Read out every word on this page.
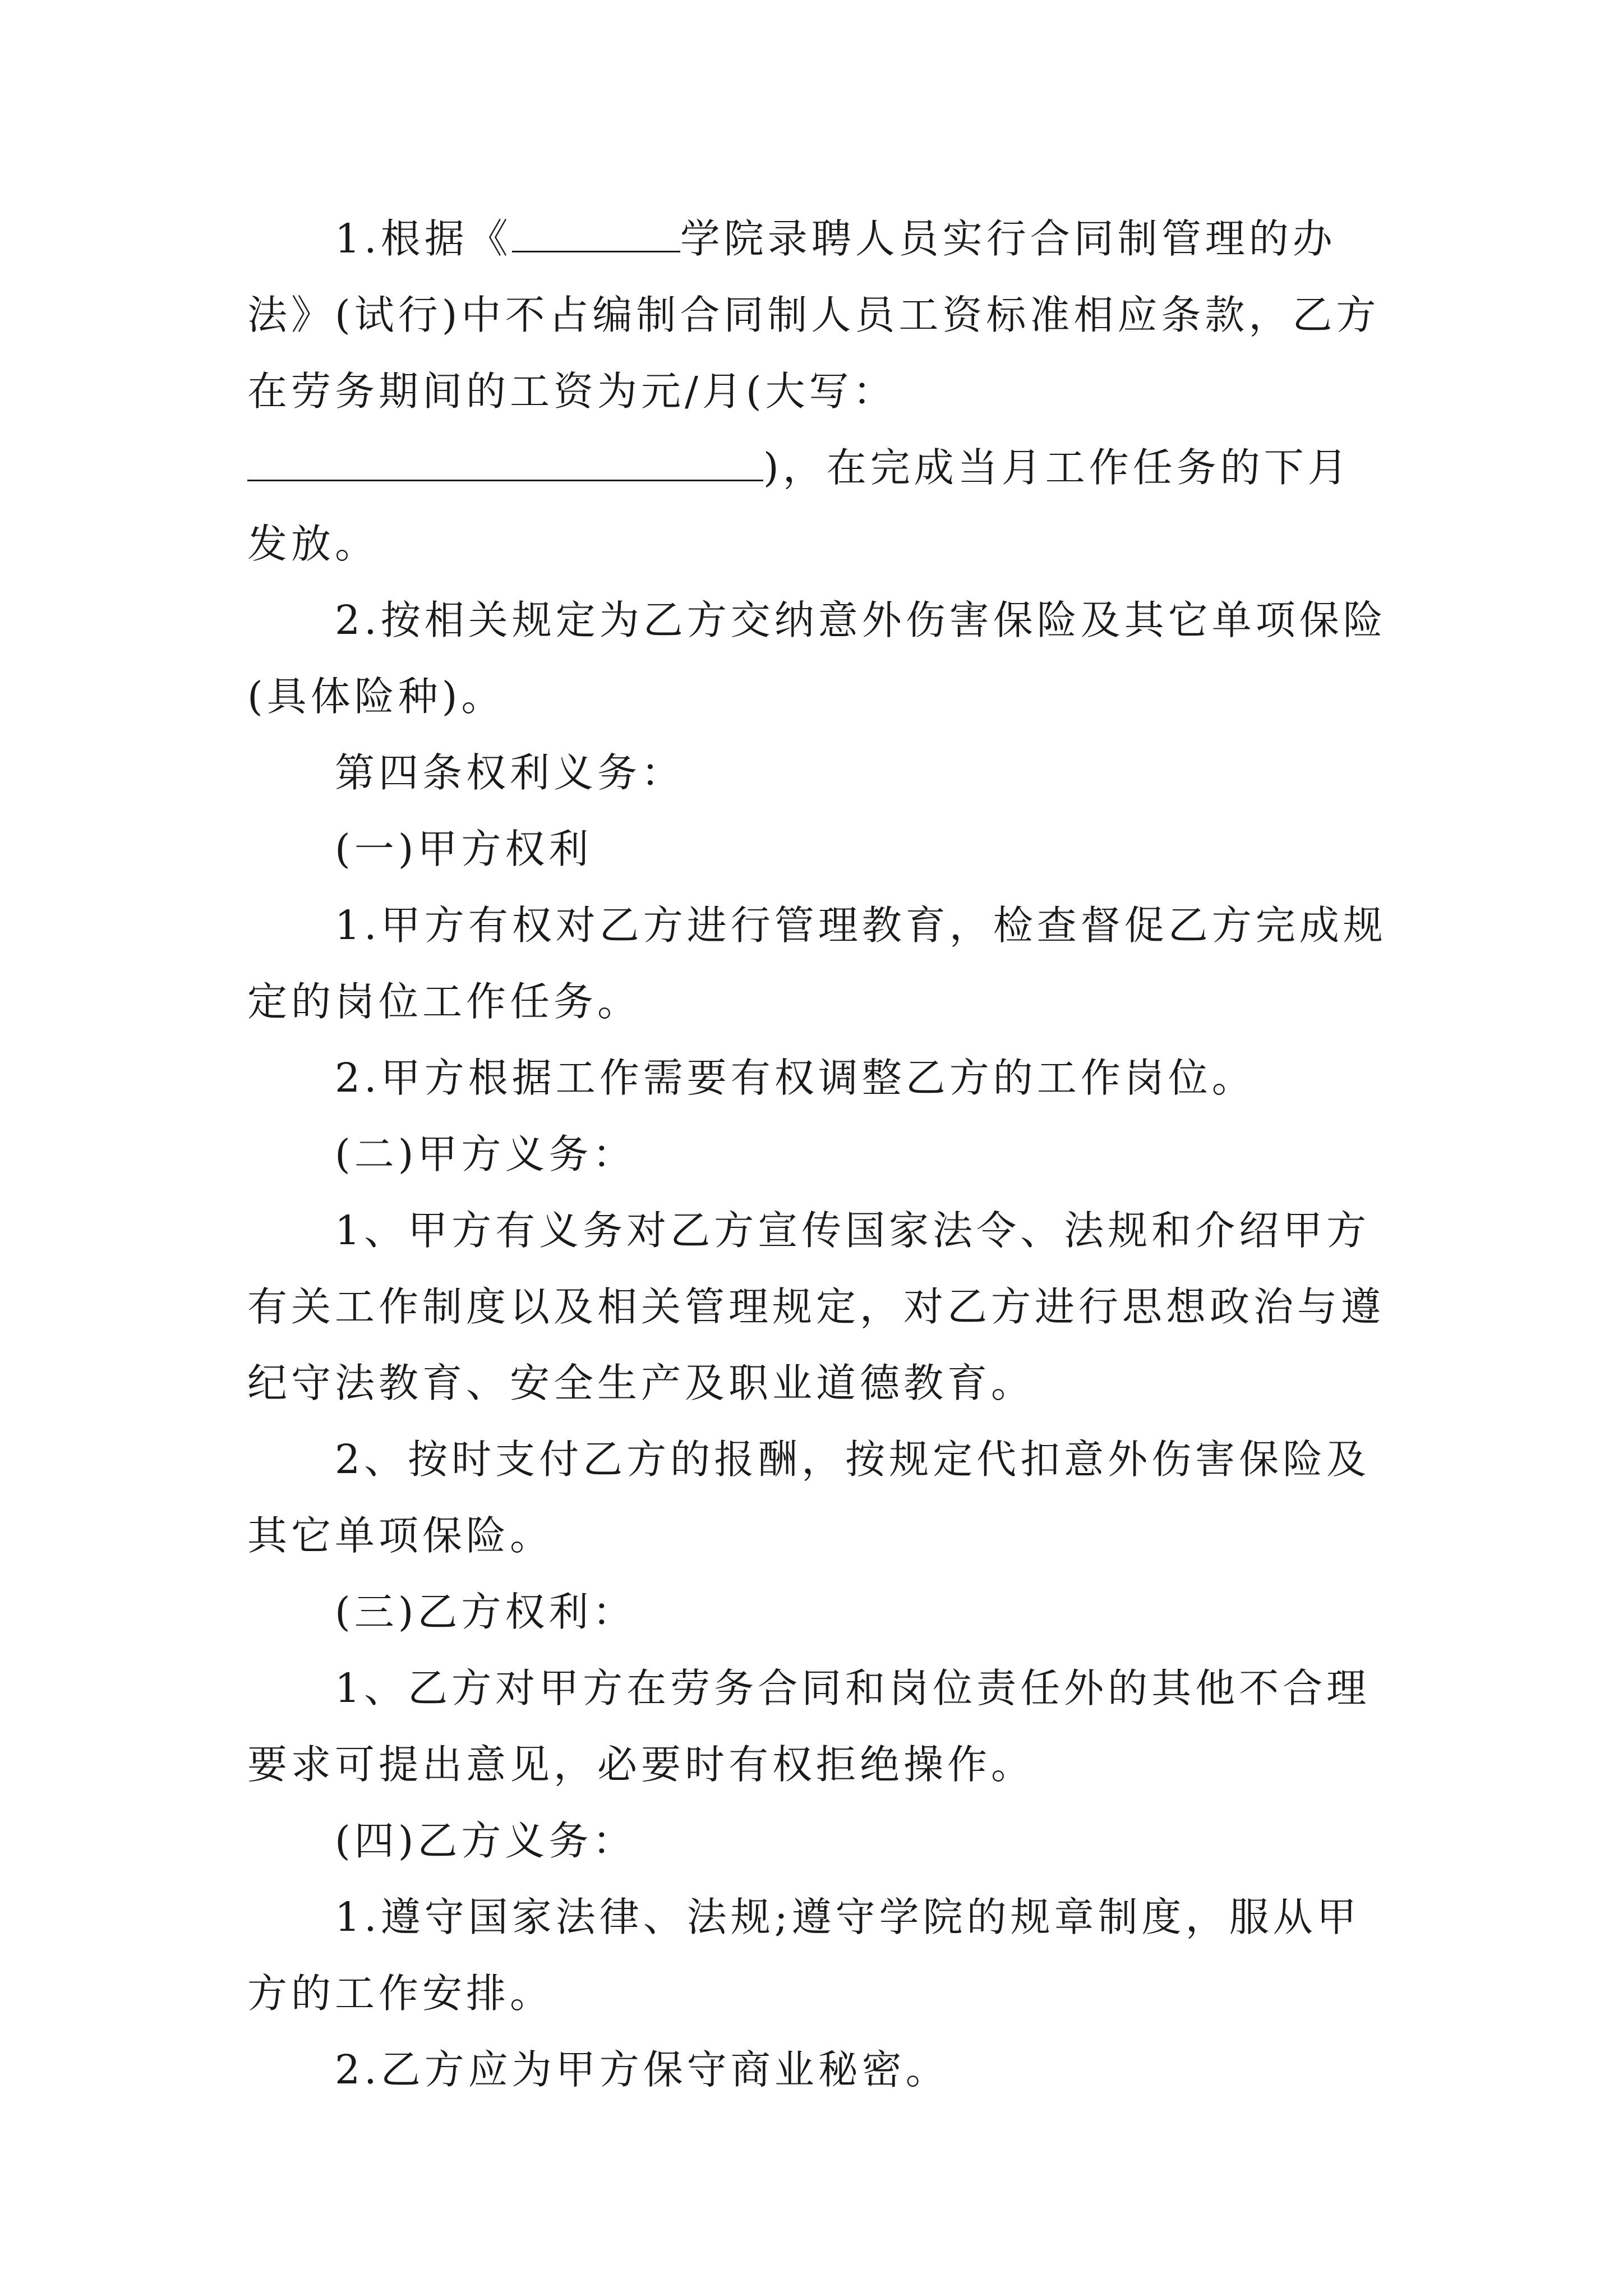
1.根据《	学院录聘人员实行合同制管理的办法》(试行)中不占编制合同制人员工资标准相应条款，乙方在劳务期间的工资为元/月(大写：)，在完成当月工作任务的下月发放。

2.按相关规定为乙方交纳意外伤害保险及其它单项保险(具体险种)。

第四条权利义务：

(一)甲方权利

1.甲方有权对乙方进行管理教育，检查督促乙方完成规定的岗位工作任务。

2.甲方根据工作需要有权调整乙方的工作岗位。

(二)甲方义务：

1、甲方有义务对乙方宣传国家法令、法规和介绍甲方有关工作制度以及相关管理规定，对乙方进行思想政治与遵纪守法教育、安全生产及职业道德教育。

2、按时支付乙方的报酬，按规定代扣意外伤害保险及其它单项保险。

(三)乙方权利：

1、乙方对甲方在劳务合同和岗位责任外的其他不合理要求可提出意见，必要时有权拒绝操作。

(四)乙方义务：

1.遵守国家法律、法规;遵守学院的规章制度，服从甲方的工作安排。

2.乙方应为甲方保守商业秘密。
